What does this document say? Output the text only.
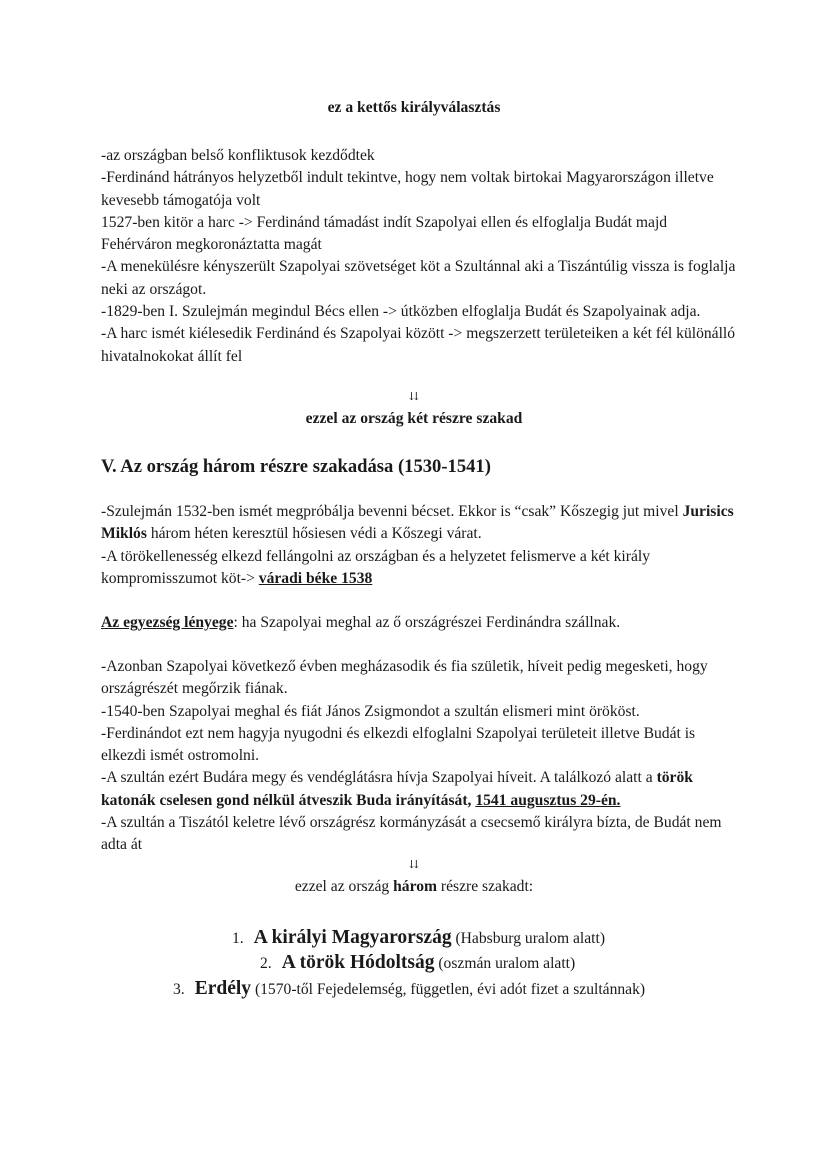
ez a kettős királyválasztás

-az országban belső konfliktusok kezdődtek

-Ferdinánd hátrányos helyzetből indult tekintve, hogy nem voltak birtokai Magyarországon illetve kevesebb támogatója volt

1527-ben kitör a harc -> Ferdinánd támadást indít Szapolyai ellen és elfoglalja Budát majd Fehérváron megkoronáztatta magát

-A menekülésre kényszerült Szapolyai szövetséget köt a Szultánnal aki a Tiszántúlig vissza is foglalja neki az országot.

-1829-ben I. Szulejmán megindul Bécs ellen -> útközben elfoglalja Budát és Szapolyainak adja.

-A harc ismét kiélesedik Ferdinánd és Szapolyai között -> megszerzett területeiken a két fél különálló hivatalnokokat állít fel

⇊
ezzel az ország két részre szakad
V. Az ország három részre szakadása (1530-1541)

-Szulejmán 1532-ben ismét megpróbálja bevenni bécset. Ekkor is “csak” Kőszegig jut mivel Jurisics Miklós három héten keresztül hősiesen védi a Kőszegi várat.

-A törökellenesség elkezd fellángolni az országban és a helyzetet felismerve a két király kompromisszumot köt-> váradi béke 1538

Az egyezség lényege: ha Szapolyai meghal az ő országrészei Ferdinándra szállnak.

-Azonban Szapolyai következő évben megházasodik és fia születik, híveit pedig megesketi, hogy országrészét megőrzik fiának.

-1540-ben Szapolyai meghal és fiát János Zsigmondot a szultán elismeri mint örököst.

-Ferdinándot ezt nem hagyja nyugodni és elkezdi elfoglalni Szapolyai területeit illetve Budát is elkezdi ismét ostromolni.

-A szultán ezért Budára megy és vendéglátásra hívja Szapolyai híveit. A találkozó alatt a török katonák cselesen gond nélkül átveszik Buda irányítását, 1541 augusztus 29-én.

-A szultán a Tiszától keletre lévő országrész kormányzását a csecsemő királyra bízta, de Budát nem adta át

⇊
ezzel az ország három részre szakadt:
1. A királyi Magyarország (Habsburg uralom alatt)
2. A török Hódoltság (oszmán uralom alatt)
3. Erdély (1570-től Fejedelemség, független, évi adót fizet a szultánnak)
